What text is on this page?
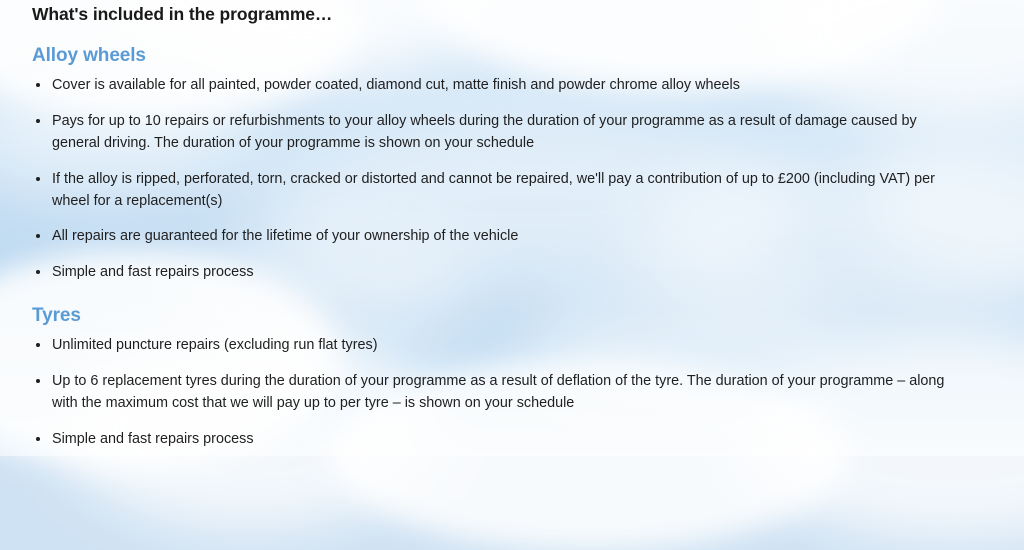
What's included in the programme…
Alloy wheels
Cover is available for all painted, powder coated, diamond cut, matte finish and powder chrome alloy wheels
Pays for up to 10 repairs or refurbishments to your alloy wheels during the duration of your programme as a result of damage caused by general driving. The duration of your programme is shown on your schedule
If the alloy is ripped, perforated, torn, cracked or distorted and cannot be repaired, we'll pay a contribution of up to £200 (including VAT) per wheel for a replacement(s)
All repairs are guaranteed for the lifetime of your ownership of the vehicle
Simple and fast repairs process
Tyres
Unlimited puncture repairs (excluding run flat tyres)
Up to 6 replacement tyres during the duration of your programme as a result of deflation of the tyre. The duration of your programme – along with the maximum cost that we will pay up to per tyre – is shown on your schedule
Simple and fast repairs process
